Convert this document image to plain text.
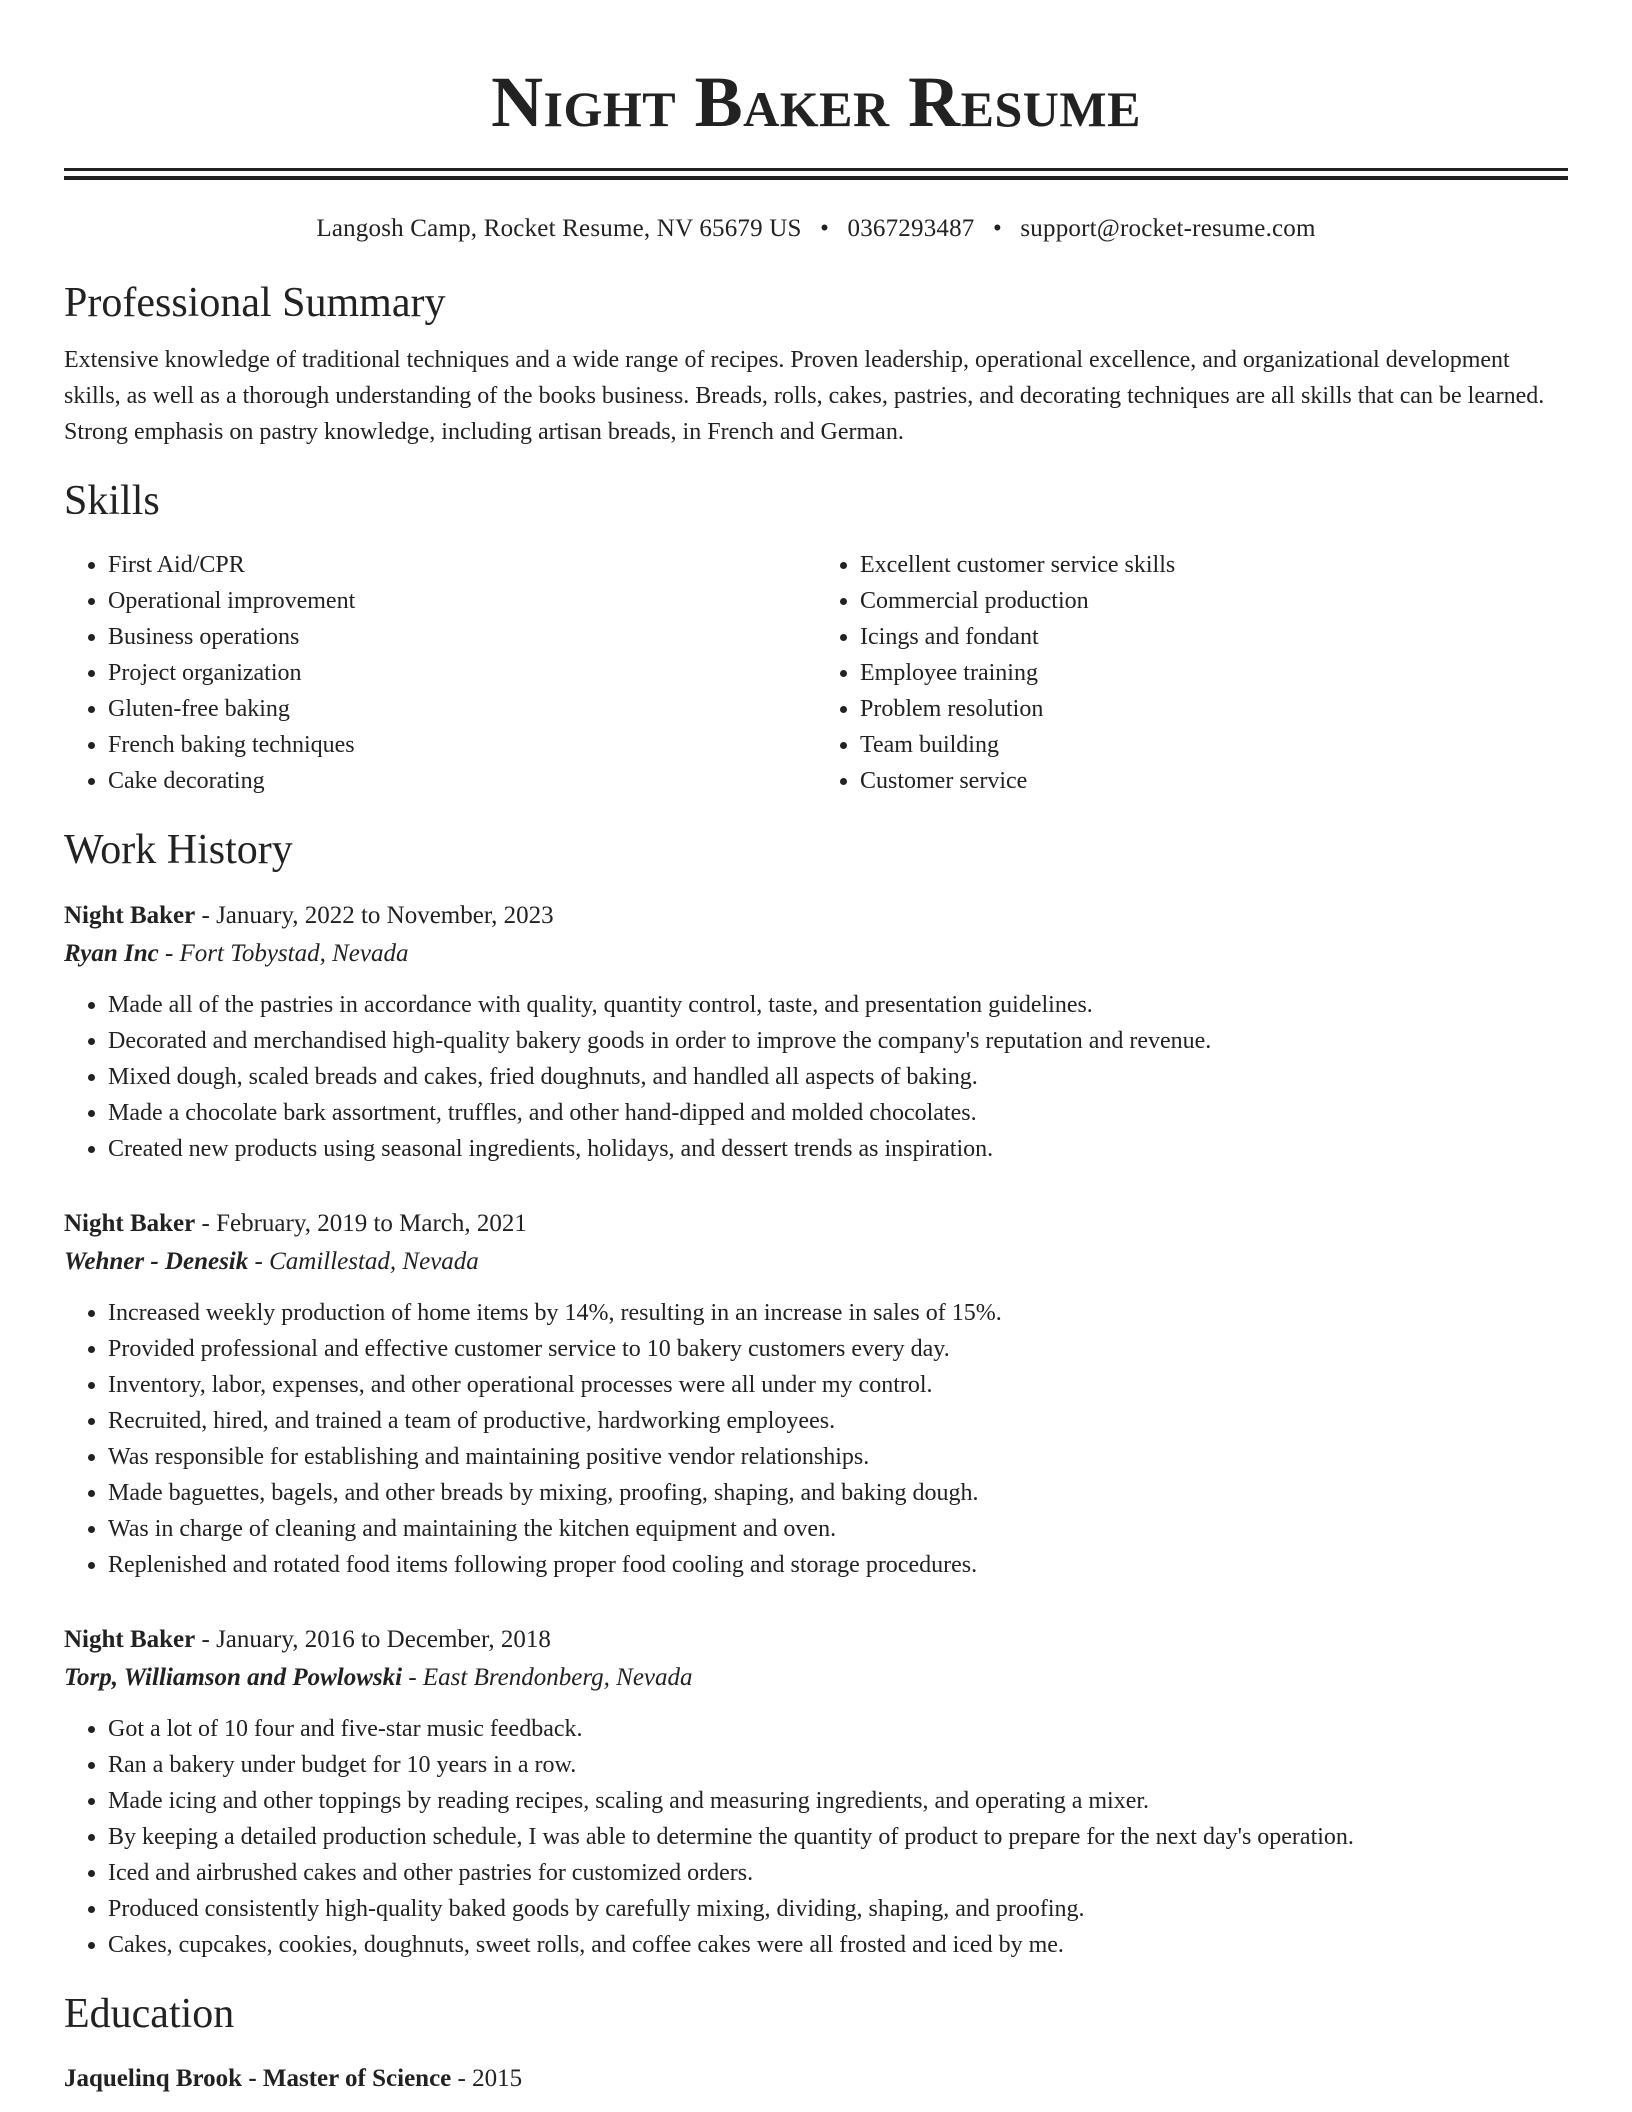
Night Baker Resume
Langosh Camp, Rocket Resume, NV 65679 US • 0367293487 • support@rocket-resume.com
Professional Summary

Extensive knowledge of traditional techniques and a wide range of recipes. Proven leadership, operational excellence, and organizational development skills, as well as a thorough understanding of the books business. Breads, rolls, cakes, pastries, and decorating techniques are all skills that can be learned. Strong emphasis on pastry knowledge, including artisan breads, in French and German.

Skills
• First Aid/CPR
• Operational improvement
• Business operations
• Project organization
• Gluten-free baking
• French baking techniques
• Cake decorating
• Excellent customer service skills
• Commercial production
• Icings and fondant
• Employee training
• Problem resolution
• Team building
• Customer service
Work History
Night Baker - January, 2022 to November, 2023
Ryan Inc - Fort Tobystad, Nevada
• Made all of the pastries in accordance with quality, quantity control, taste, and presentation guidelines.
• Decorated and merchandised high-quality bakery goods in order to improve the company's reputation and revenue.
• Mixed dough, scaled breads and cakes, fried doughnuts, and handled all aspects of baking.
• Made a chocolate bark assortment, truffles, and other hand-dipped and molded chocolates.
• Created new products using seasonal ingredients, holidays, and dessert trends as inspiration.
Night Baker - February, 2019 to March, 2021
Wehner - Denesik - Camillestad, Nevada
• Increased weekly production of home items by 14%, resulting in an increase in sales of 15%.
• Provided professional and effective customer service to 10 bakery customers every day.
• Inventory, labor, expenses, and other operational processes were all under my control.
• Recruited, hired, and trained a team of productive, hardworking employees.
• Was responsible for establishing and maintaining positive vendor relationships.
• Made baguettes, bagels, and other breads by mixing, proofing, shaping, and baking dough.
• Was in charge of cleaning and maintaining the kitchen equipment and oven.
• Replenished and rotated food items following proper food cooling and storage procedures.
Night Baker - January, 2016 to December, 2018
Torp, Williamson and Powlowski - East Brendonberg, Nevada
• Got a lot of 10 four and five-star music feedback.
• Ran a bakery under budget for 10 years in a row.
• Made icing and other toppings by reading recipes, scaling and measuring ingredients, and operating a mixer.
• By keeping a detailed production schedule, I was able to determine the quantity of product to prepare for the next day's operation.
• Iced and airbrushed cakes and other pastries for customized orders.
• Produced consistently high-quality baked goods by carefully mixing, dividing, shaping, and proofing.
• Cakes, cupcakes, cookies, doughnuts, sweet rolls, and coffee cakes were all frosted and iced by me.
Education
Jaquelinq Brook - Master of Science - 2015
